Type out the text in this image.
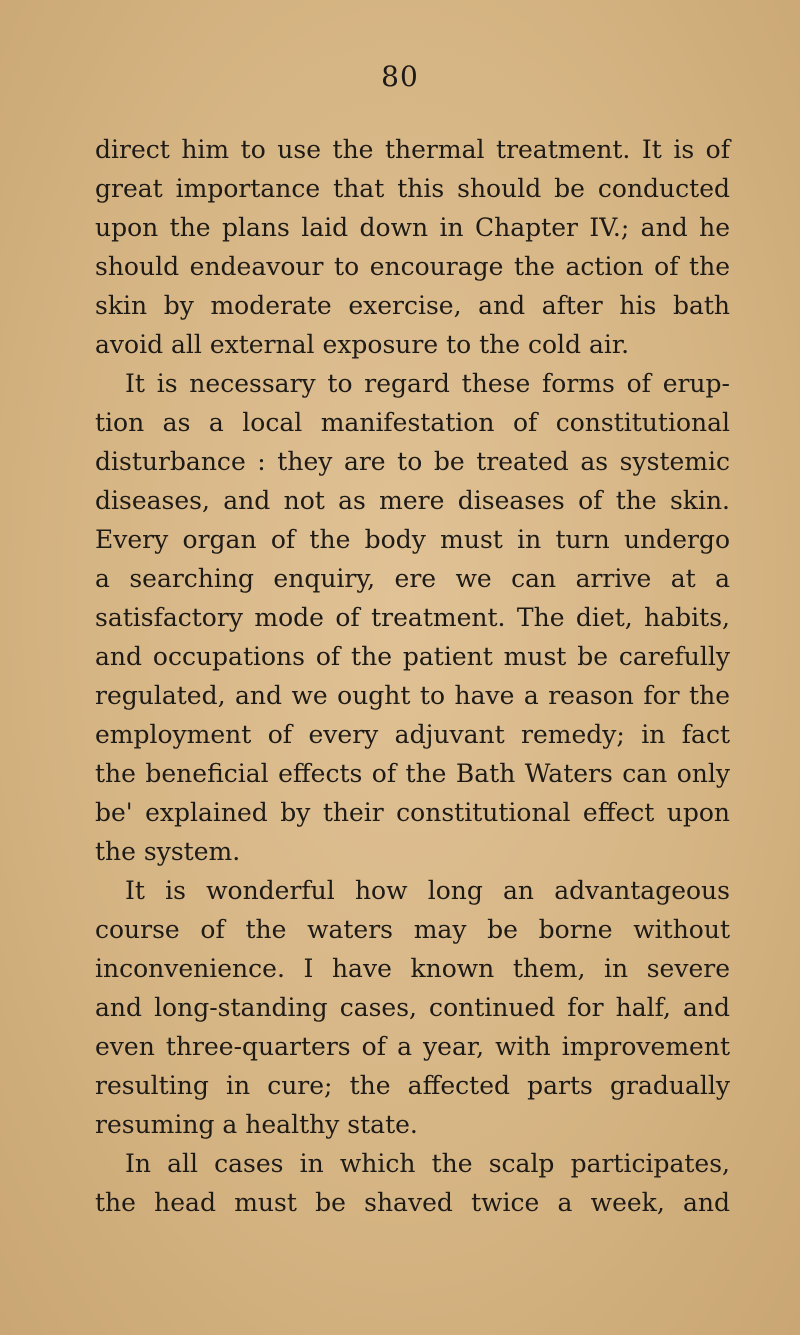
80
direct him to use the thermal treatment. It is of
great importance that this should be conducted
upon the plans laid down in Chapter IV.; and he
should endeavour to encourage the action of the
skin by moderate exercise, and after his bath
avoid all external exposure to the cold air.
It is necessary to regard these forms of erup-
tion as a local manifestation of constitutional
disturbance : they are to be treated as systemic
diseases, and not as mere diseases of the skin.
Every organ of the body must in turn undergo
a searching enquiry, ere we can arrive at a
satisfactory mode of treatment. The diet, habits,
and occupations of the patient must be carefully
regulated, and we ought to have a reason for the
employment of every adjuvant remedy; in fact
the beneficial effects of the Bath Waters can only
be' explained by their constitutional effect upon
the system.
It is wonderful how long an advantageous
course of the waters may be borne without
inconvenience. I have known them, in severe
and long-standing cases, continued for half, and
even three-quarters of a year, with improvement
resulting in cure; the affected parts gradually
resuming a healthy state.
In all cases in which the scalp participates,
the head must be shaved twice a week, and
